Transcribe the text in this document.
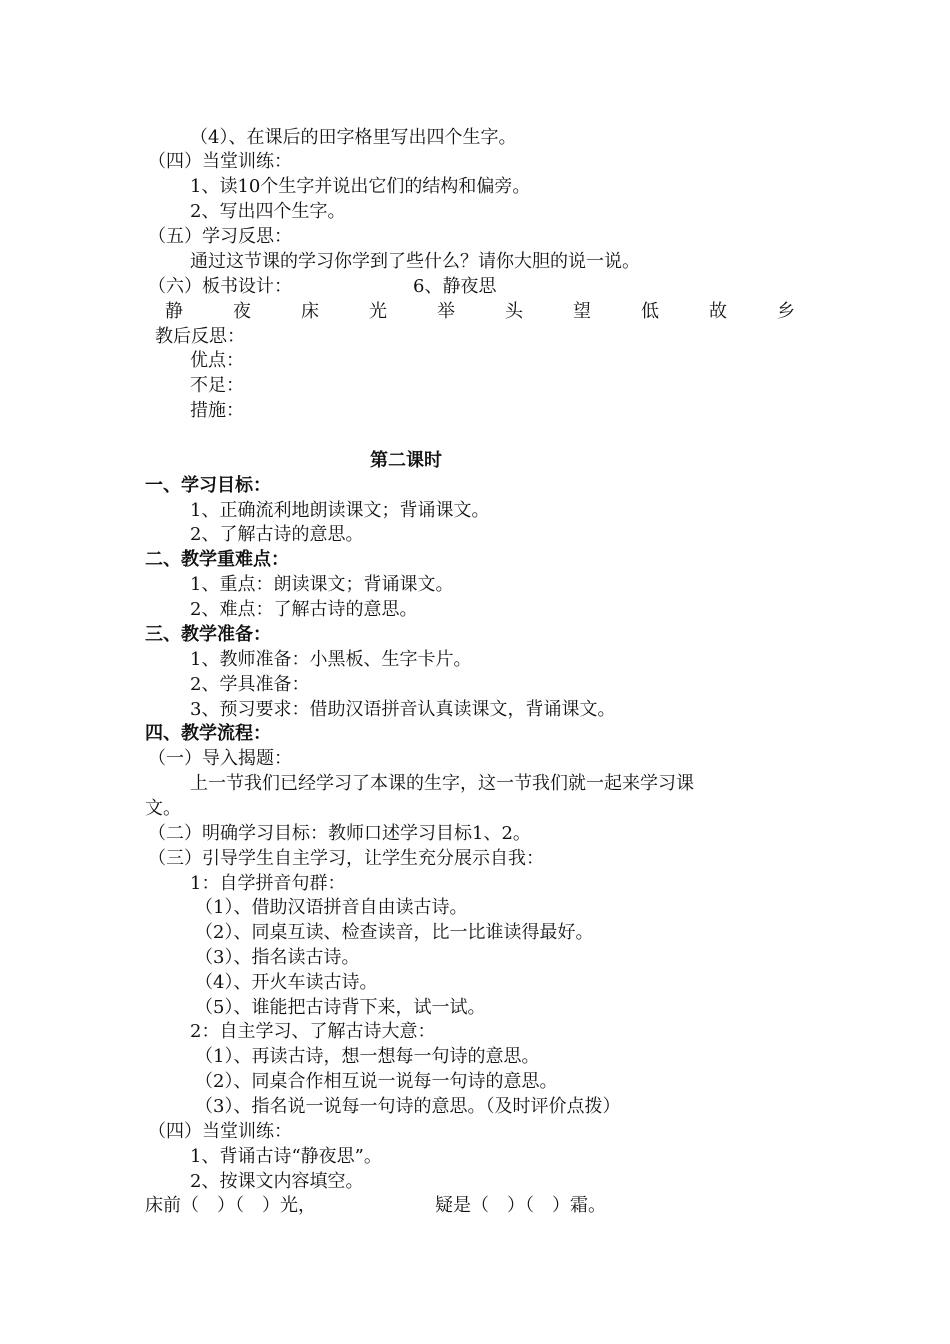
（4）、在课后的田字格里写出四个生字。
（四）当堂训练：
1、读10个生字并说出它们的结构和偏旁。
2、写出四个生字。
（五）学习反思：
通过这节课的学习你学到了些什么？请你大胆的说一说。
（六）板书设计：	6、静夜思
静	夜	床	光	举	头	望	低	故	乡
教后反思：
优点：
不足：
措施：
第二课时
一、学习目标：
1、正确流利地朗读课文；背诵课文。
2、了解古诗的意思。
二、教学重难点：
1、重点：朗读课文；背诵课文。
2、难点：了解古诗的意思。
三、教学准备：
1、教师准备：小黑板、生字卡片。
2、学具准备：
3、预习要求：借助汉语拼音认真读课文，背诵课文。
四、教学流程：
（一）导入揭题：
上一节我们已经学习了本课的生字，这一节我们就一起来学习课
文。
（二）明确学习目标：教师口述学习目标1、2。
（三）引导学生自主学习，让学生充分展示自我：
1：自学拼音句群：
（1）、借助汉语拼音自由读古诗。
（2）、同桌互读、检查读音，比一比谁读得最好。
（3）、指名读古诗。
（4）、开火车读古诗。
（5）、谁能把古诗背下来，试一试。
2：自主学习、了解古诗大意：
（1）、再读古诗，想一想每一句诗的意思。
（2）、同桌合作相互说一说每一句诗的意思。
（3）、指名说一说每一句诗的意思。（及时评价点拨）
（四）当堂训练：
1、背诵古诗“静夜思”。
2、按课文内容填空。
床前（　）（　）光，	疑是（　）（　）霜。
